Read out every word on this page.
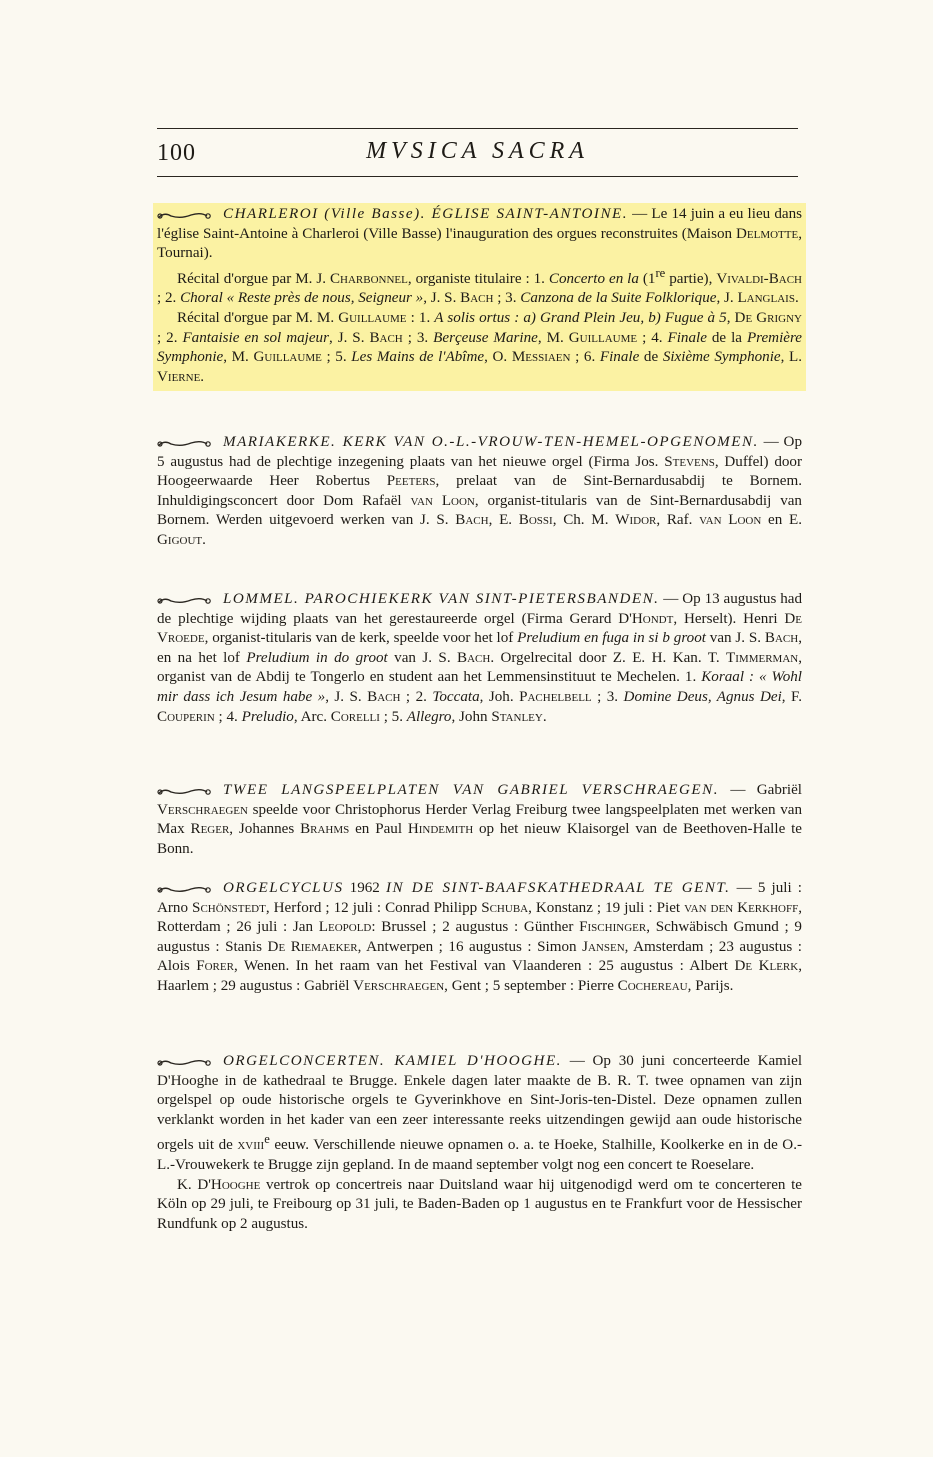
100	MVSICA SACRA

CHARLEROI (Ville Basse). ÉGLISE SAINT-ANTOINE. — Le 14 juin a eu lieu dans l'église Saint-Antoine à Charleroi (Ville Basse) l'inauguration des orgues reconstruites (Maison Delmotte, Tournai).

Récital d'orgue par M. J. Charbonnel, organiste titulaire : 1. Concerto en la (1re partie), Vivaldi-Bach ; 2. Choral « Reste près de nous, Seigneur », J. S. Bach ; 3. Canzona de la Suite Folklorique, J. Langlais.

Récital d'orgue par M. M. Guillaume : 1. A solis ortus : a) Grand Plein Jeu, b) Fugue à 5, De Grigny ; 2. Fantaisie en sol majeur, J. S. Bach ; 3. Berçeuse Marine, M. Guillaume ; 4. Finale de la Première Symphonie, M. Guillaume ; 5. Les Mains de l'Abîme, O. Messiaen ; 6. Finale de Sixième Symphonie, L. Vierne.

MARIAKERKE. KERK VAN O.-L.-VROUW-TEN-HEMEL-OPGENOMEN. — Op 5 augustus had de plechtige inzegening plaats van het nieuwe orgel (Firma Jos. Stevens, Duffel) door Hoogeerwaarde Heer Robertus Peeters, prelaat van de Sint-Bernardusabdij te Bornem. Inhuldigingsconcert door Dom Rafaël van Loon, organist-titularis van de Sint-Bernardusabdij van Bornem. Werden uitgevoerd werken van J. S. Bach, E. Bossi, Ch. M. Widor, Raf. van Loon en E. Gigout.

LOMMEL. PAROCHIEKERK VAN SINT-PIETERSBANDEN. — Op 13 augustus had de plechtige wijding plaats van het gerestaureerde orgel (Firma Gerard D'Hondt, Herselt). Henri De Vroede, organist-titularis van de kerk, speelde voor het lof Preludium en fuga in si b groot van J. S. Bach, en na het lof Preludium in do groot van J. S. Bach. Orgelrecital door Z. E. H. Kan. T. Timmerman, organist van de Abdij te Tongerlo en student aan het Lemmensinstituut te Mechelen. 1. Koraal : « Wohl mir dass ich Jesum habe », J. S. Bach ; 2. Toccata, Joh. Pachelbell ; 3. Domine Deus, Agnus Dei, F. Couperin ; 4. Preludio, Arc. Corelli ; 5. Allegro, John Stanley.

TWEE LANGSPEELPLATEN VAN GABRIEL VERSCHRAEGEN. — Gabriël Verschraegen speelde voor Christophorus Herder Verlag Freiburg twee langspeelplaten met werken van Max Reger, Johannes Brahms en Paul Hindemith op het nieuw Klaisorgel van de Beethoven-Halle te Bonn.

ORGELCYCLUS 1962 IN DE SINT-BAAFSKATHEDRAAL TE GENT. — 5 juli : Arno Schönstedt, Herford ; 12 juli : Conrad Philipp Schuba, Konstanz ; 19 juli : Piet van den Kerkhoff, Rotterdam ; 26 juli : Jan Leopold: Brussel ; 2 augustus : Günther Fischinger, Schwäbisch Gmund ; 9 augustus : Stanis De Riemaeker, Antwerpen ; 16 augustus : Simon Jansen, Amsterdam ; 23 augustus : Alois Forer, Wenen. In het raam van het Festival van Vlaanderen : 25 augustus : Albert De Klerk, Haarlem ; 29 augustus : Gabriël Verschraegen, Gent ; 5 september : Pierre Cochereau, Parijs.

ORGELCONCERTEN. KAMIEL D'HOOGHE. — Op 30 juni concerteerde Kamiel D'Hooghe in de kathedraal te Brugge. Enkele dagen later maakte de B. R. T. twee opnamen van zijn orgelspel op oude historische orgels te Gyverinkhove en Sint-Joris-ten-Distel. Deze opnamen zullen verklankt worden in het kader van een zeer interessante reeks uitzendingen gewijd aan oude historische orgels uit de xviii$^e$ eeuw. Verschillende nieuwe opnamen o. a. te Hoeke, Stalhille, Koolkerke en in de O.-L.-Vrouwekerk te Brugge zijn gepland. In de maand september volgt nog een concert te Roeselare.

K. D'Hooghe vertrok op concertreis naar Duitsland waar hij uitgenodigd werd om te concerteren te Köln op 29 juli, te Freibourg op 31 juli, te Baden-Baden op 1 augustus en te Frankfurt voor de Hessischer Rundfunk op 2 augustus.
